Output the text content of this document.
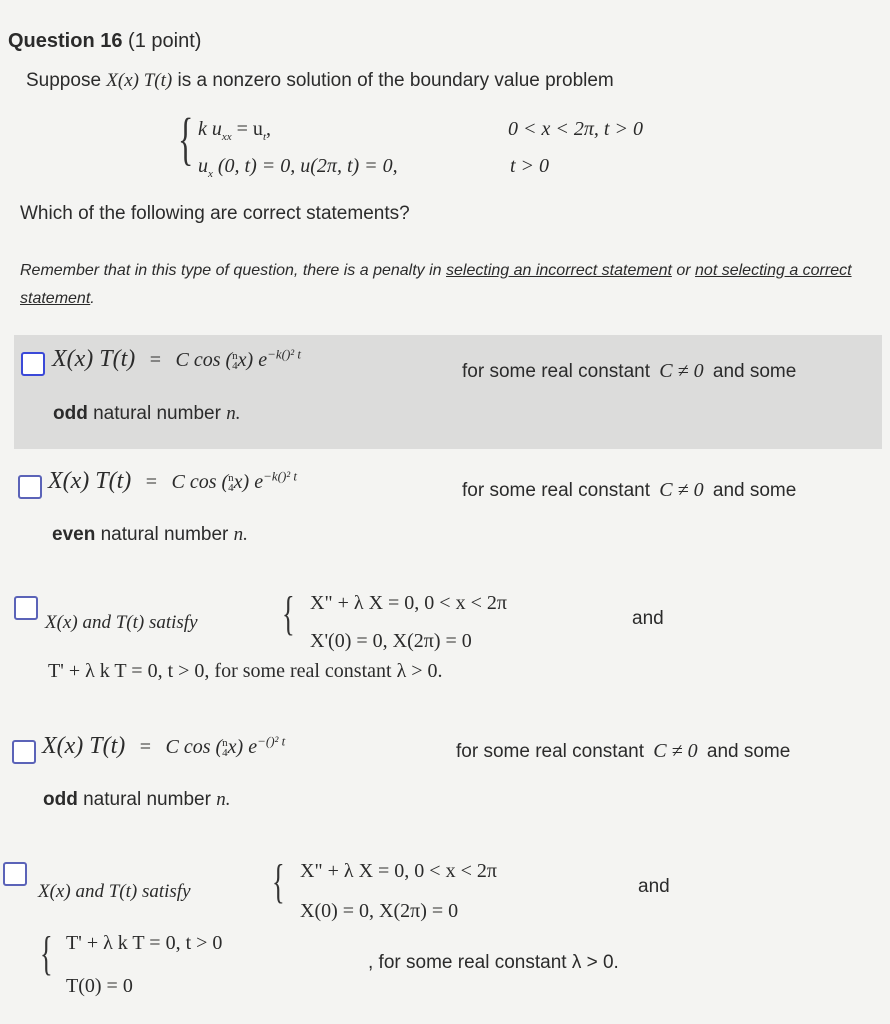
Question 16 (1 point)
Suppose X(x) T(t) is a nonzero solution of the boundary value problem
{ k $u_{xx} = u_t$,	0 < x < 2π, t > 0
$u_x$ (0, t) = 0, u(2π, t) = 0,	t > 0
Which of the following are correct statements?
Remember that in this type of question, there is a penalty in selecting an incorrect statement or not selecting a correct statement.
X(x) T(t) = C cos (n
4x) $e^{-k()^2 t}$
for some real constant C ≠ 0 and some
odd natural number n.
X(x) T(t) = C cos (n
4x) $e^{-k()^2 t}$
for some real constant C ≠ 0 and some
even natural number n.
X(x) and T(t) satisfy { X" + λ X = 0, 0 < x < 2π
X'(0) = 0, X(2π) = 0
and
T' + λ k T = 0, t > 0, for some real constant λ > 0.
X(x) T(t) = C cos (n
4x) $e^{-()^2 t}$
for some real constant C ≠ 0 and some
odd natural number n.
X(x) and T(t) satisfy { X" + λ X = 0, 0 < x < 2π
X(0) = 0, X(2π) = 0
and
{ T' + λ k T = 0, t > 0
T(0) = 0
, for some real constant λ > 0.
